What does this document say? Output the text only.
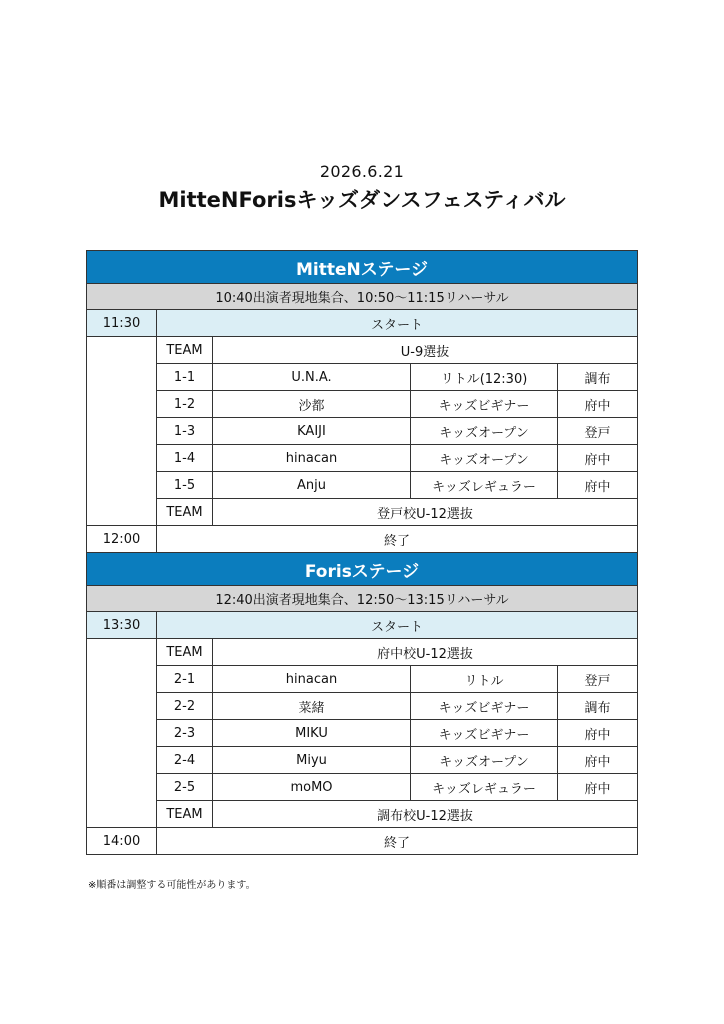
2026.6.21
MitteNForisキッズダンスフェスティバル
MitteNステージ				
10:40出演者現地集合、10:50〜11:15リハーサル				
11:30	スタート			
	TEAM	U-9選抜		
	1-1	U.N.A.	リトル(12:30)	調布
	1-2	沙都	キッズビギナー	府中
	1-3	KAIJI	キッズオープン	登戸
	1-4	hinacan	キッズオープン	府中
	1-5	Anju	キッズレギュラー	府中
	TEAM	登戸校U-12選抜		
12:00	終了			
Forisステージ				
12:40出演者現地集合、12:50〜13:15リハーサル				
13:30	スタート			
	TEAM	府中校U-12選抜		
	2-1	hinacan	リトル	登戸
	2-2	菜緒	キッズビギナー	調布
	2-3	MIKU	キッズビギナー	府中
	2-4	Miyu	キッズオープン	府中
	2-5	moMO	キッズレギュラー	府中
	TEAM	調布校U-12選抜		
14:00	終了			
※順番は調整する可能性があります。
